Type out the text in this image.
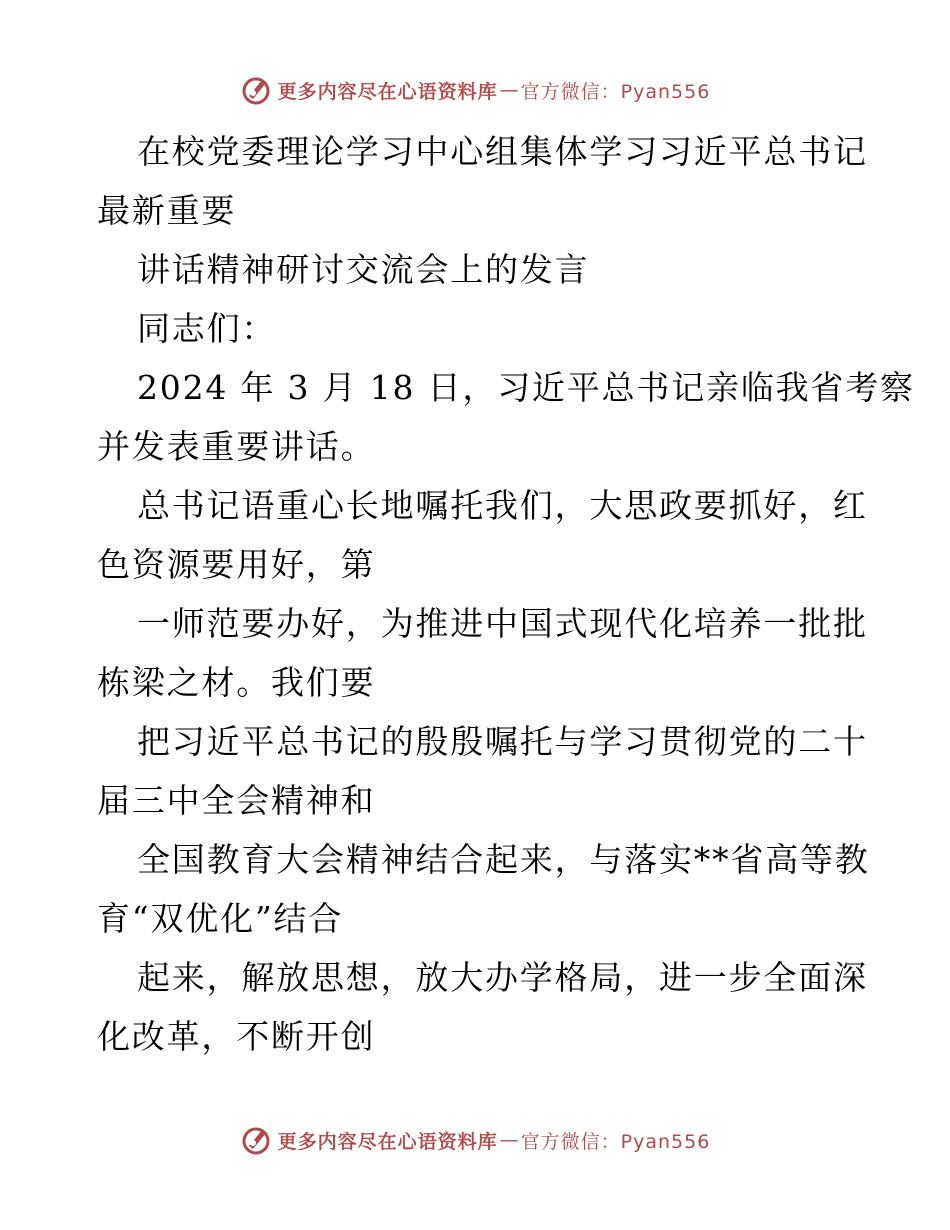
更多内容尽在心语资料库 — 官方微信：Pyan556
在校党委理论学习中心组集体学习习近平总书记
最新重要
讲话精神研讨交流会上的发言
同志们：
2024 年 3 月 18 日，习近平总书记亲临我省考察
并发表重要讲话。
总书记语重心长地嘱托我们，大思政要抓好，红
色资源要用好，第
一师范要办好，为推进中国式现代化培养一批批
栋梁之材。我们要
把习近平总书记的殷殷嘱托与学习贯彻党的二十
届三中全会精神和
全国教育大会精神结合起来，与落实**省高等教
育“双优化”结合
起来，解放思想，放大办学格局，进一步全面深
化改革，不断开创
更多内容尽在心语资料库 — 官方微信：Pyan556
